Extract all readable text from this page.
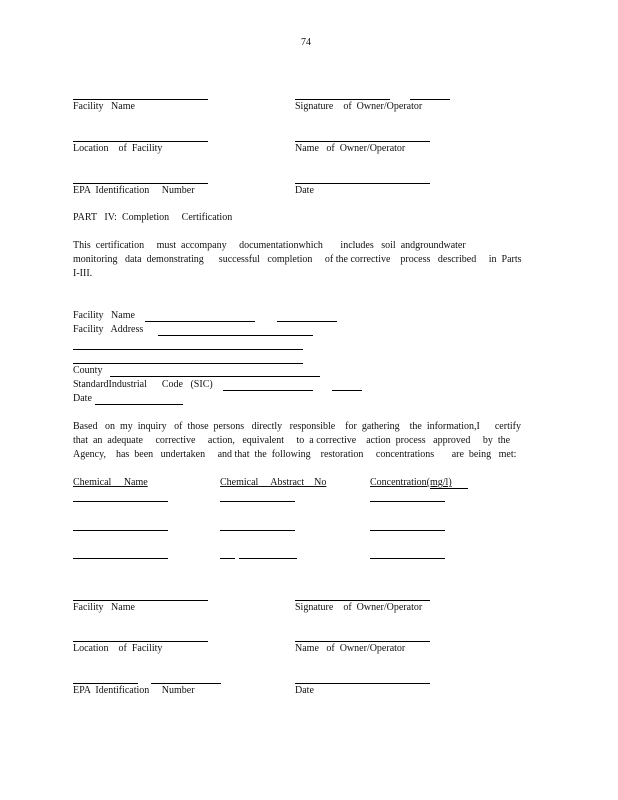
74
Facility   Name	Signature    of  Owner/Operator
Location    of  Facility	Name   of  Owner/Operator
EPA  Identification     Number	Date
PART   IV:  Completion     Certification
This  certification     must  accompany     documentationwhich       includes   soil  andgroundwater
monitoring   data  demonstrating      successful   completion     of the corrective    process   described     in  Parts
I-III.
Facility   Name
Facility   Address
County
StandardIndustrial      Code   (SIC)
Date
Based   on  my  inquiry   of  those  persons   directly   responsible    for  gathering    the  information,I      certify
that  an  adequate     corrective     action,   equivalent     to  a corrective    action  process   approved     by  the
Agency,    has  been   undertaken     and that  the  following    restoration     concentrations       are  being   met:
Chemical     Name	Chemical     Abstract    No	Concentration(mg/l)
Facility   Name	Signature    of  Owner/Operator
Location    of  Facility	Name   of  Owner/Operator
EPA  Identification     Number	Date
